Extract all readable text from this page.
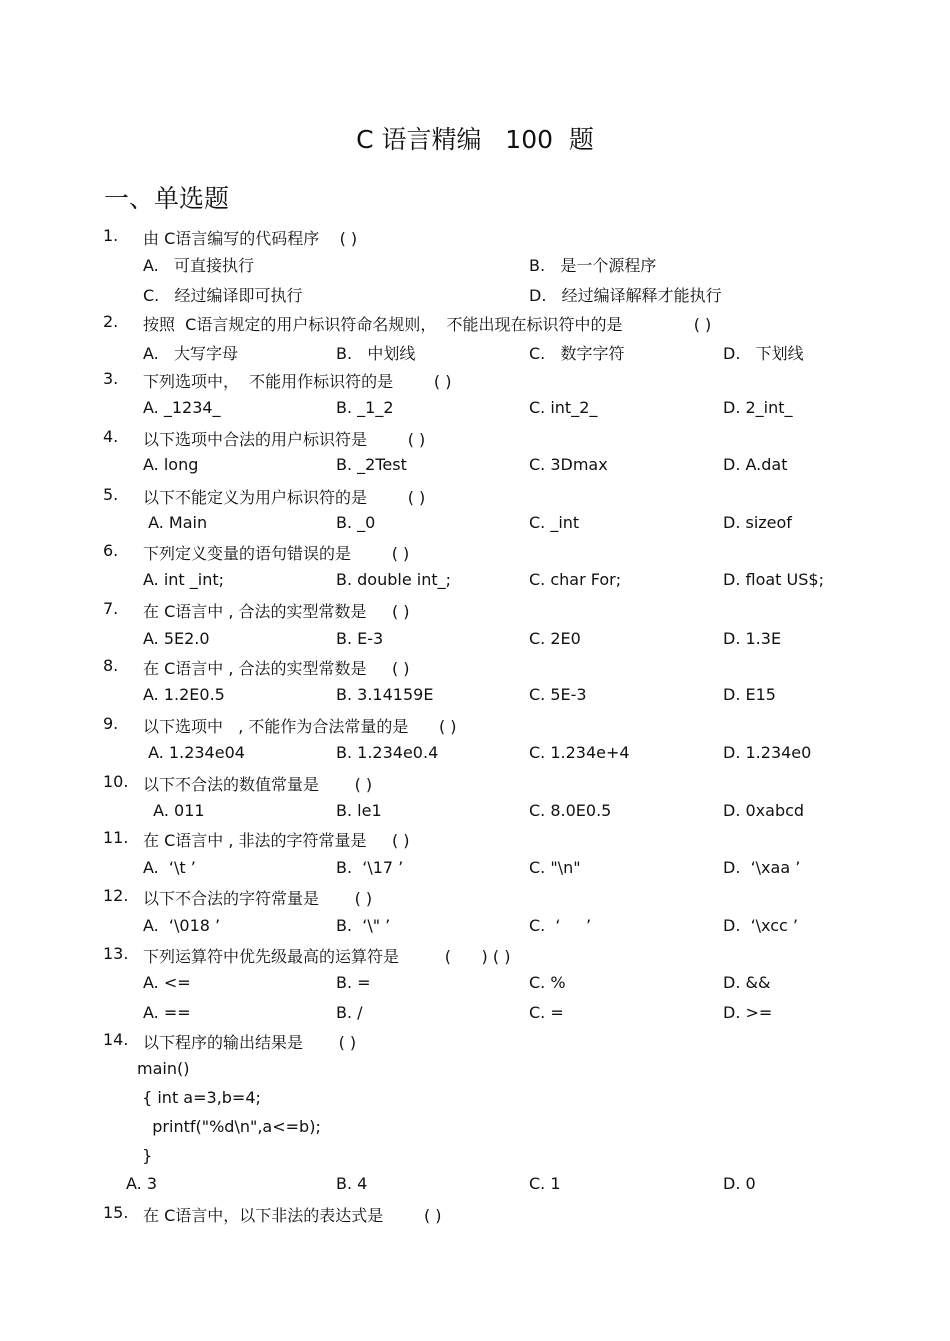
C 语言精编   100  题
一、单选题
1. 由 C语言编写的代码程序    ( )
A.   可直接执行	B.   是一个源程序
C.   经过编译即可执行	D.   经过编译解释才能执行
2. 按照  C语言规定的用户标识符命名规则，  不能出现在标识符中的是              ( )
A.   大写字母	B.   中划线	C.   数字字符	D.   下划线
3. 下列选项中，  不能用作标识符的是        ( )
A. _1234_	B. _1_2	C. int_2_	D. 2_int_
4. 以下选项中合法的用户标识符是        ( )
A. long	B. _2Test	C. 3Dmax	D. A.dat
5. 以下不能定义为用户标识符的是        ( )
A. Main	B. _0	C. _int	D. sizeof
6. 下列定义变量的语句错误的是        ( )
A. int _int;	B. double int_;	C. char For;	D. float US$;
7. 在 C语言中 , 合法的实型常数是     ( )
A. 5E2.0	B. E-3	C. 2E0	D. 1.3E
8. 在 C语言中 , 合法的实型常数是     ( )
A. 1.2E0.5	B. 3.14159E	C. 5E-3	D. E15
9. 以下选项中   , 不能作为合法常量的是      ( )
A. 1.234e04	B. 1.234e0.4	C. 1.234e+4	D. 1.234e0
10. 以下不合法的数值常量是       ( )
A. 011	B. le1	C. 8.0E0.5	D. 0xabcd
11. 在 C语言中 , 非法的字符常量是     ( )
A.  ‘\t ’	B.  ‘\17 ’	C. "\n"	D.  ‘\xaa ’
12. 以下不合法的字符常量是       ( )
A.  ‘\018 ’	B.  ‘\" ’	C.  ‘     ’	D.  ‘\xcc ’
13. 下列运算符中优先级最高的运算符是         (      ) ( )
A. <=	B. =	C. %	D. &&
A. ==	B. /	C. =	D. >=
14. 以下程序的输出结果是       ( )
main()
{ int a=3,b=4;
printf("%d\n",a<=b);
}
A. 3	B. 4	C. 1	D. 0
15. 在 C语言中，以下非法的表达式是        ( )
